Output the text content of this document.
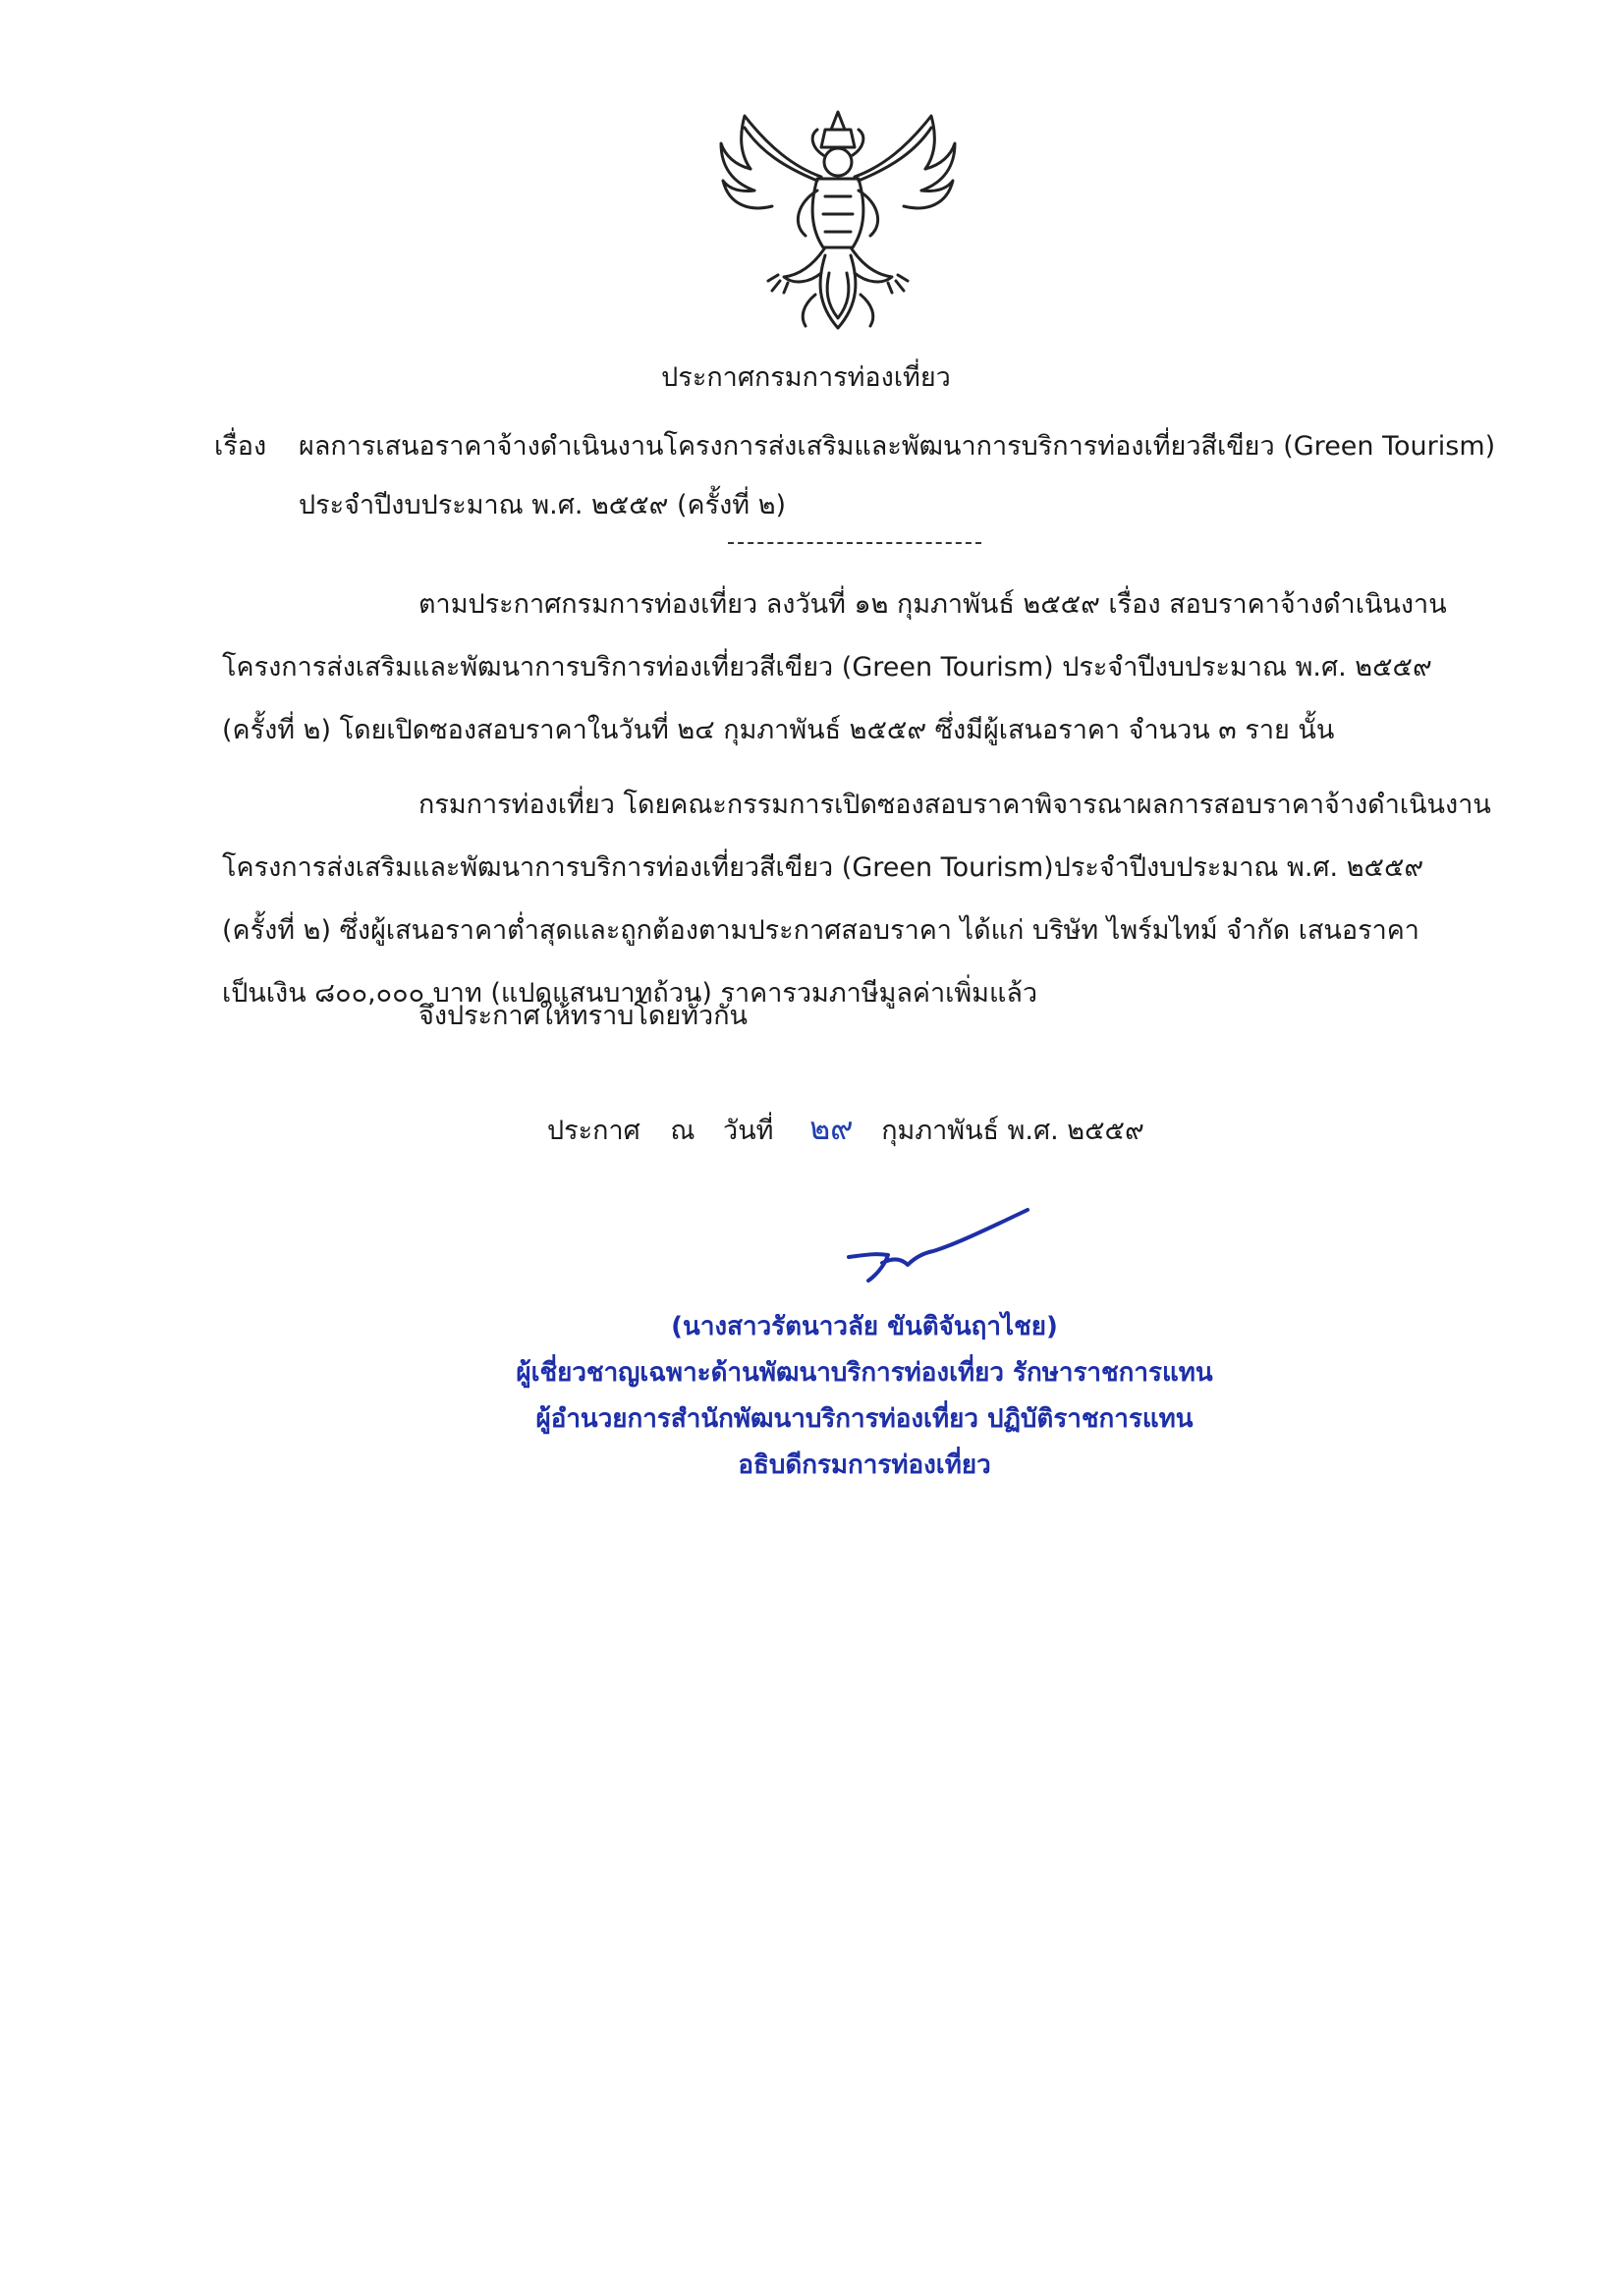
ประกาศกรมการท่องเที่ยว
เรื่อง ผลการเสนอราคาจ้างดำเนินงานโครงการส่งเสริมและพัฒนาการบริการท่องเที่ยวสีเขียว (Green Tourism)
ประจำปีงบประมาณ พ.ศ. ๒๕๕๙ (ครั้งที่ ๒)
ตามประกาศกรมการท่องเที่ยว ลงวันที่ ๑๒ กุมภาพันธ์ ๒๕๕๙ เรื่อง สอบราคาจ้างดำเนินงาน
โครงการส่งเสริมและพัฒนาการบริการท่องเที่ยวสีเขียว (Green Tourism) ประจำปีงบประมาณ พ.ศ. ๒๕๕๙
(ครั้งที่ ๒) โดยเปิดซองสอบราคาในวันที่ ๒๔ กุมภาพันธ์ ๒๕๕๙ ซึ่งมีผู้เสนอราคา จำนวน ๓ ราย นั้น
กรมการท่องเที่ยว โดยคณะกรรมการเปิดซองสอบราคาพิจารณาผลการสอบราคาจ้างดำเนินงาน
โครงการส่งเสริมและพัฒนาการบริการท่องเที่ยวสีเขียว (Green Tourism)ประจำปีงบประมาณ พ.ศ. ๒๕๕๙
(ครั้งที่ ๒) ซึ่งผู้เสนอราคาต่ำสุดและถูกต้องตามประกาศสอบราคา ได้แก่ บริษัท ไพร์มไทม์ จำกัด เสนอราคา
เป็นเงิน ๘๐๐,๐๐๐ บาท (แปดแสนบาทถ้วน) ราคารวมภาษีมูลค่าเพิ่มแล้ว
จึงประกาศให้ทราบโดยทั่วกัน
ประกาศ ณ วันที่ ๒๙ กุมภาพันธ์ พ.ศ. ๒๕๕๙
(นางสาวรัตนาวลัย ขันติจันฤาไชย)
ผู้เชี่ยวชาญเฉพาะด้านพัฒนาบริการท่องเที่ยว รักษาราชการแทน
ผู้อำนวยการสำนักพัฒนาบริการท่องเที่ยว ปฏิบัติราชการแทน
อธิบดีกรมการท่องเที่ยว
